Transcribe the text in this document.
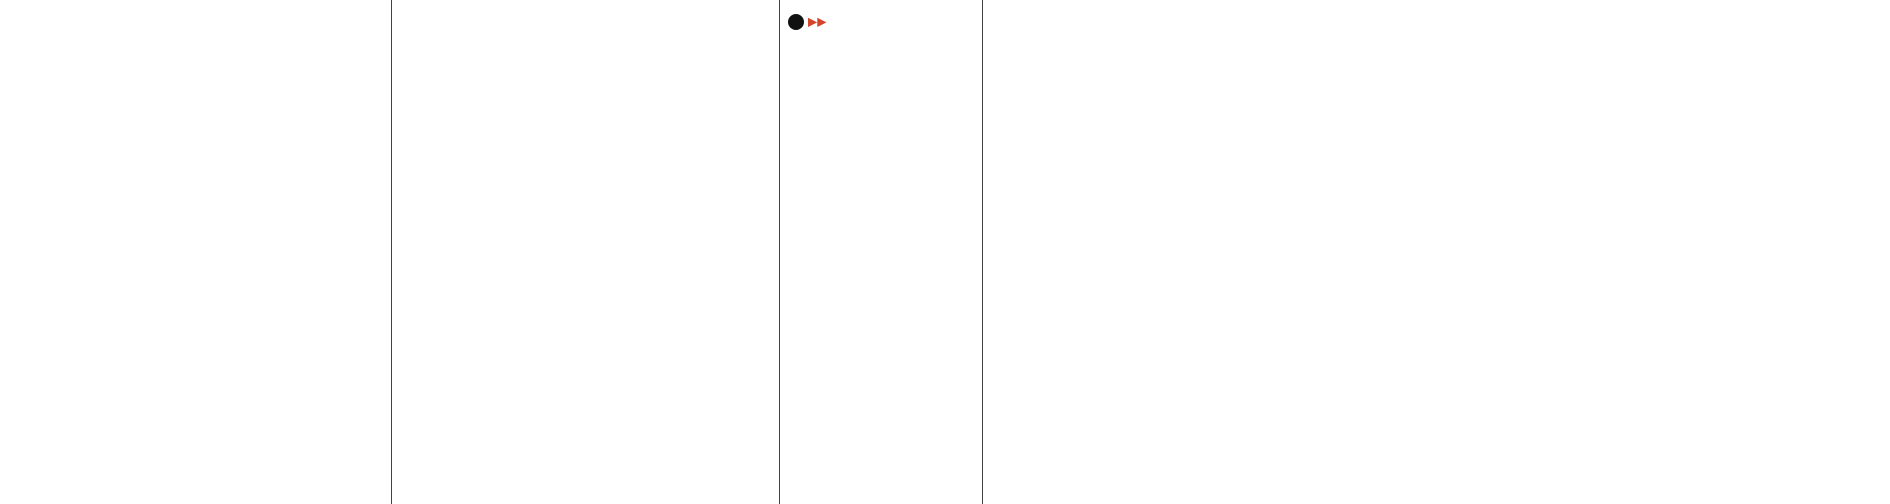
▶▶
